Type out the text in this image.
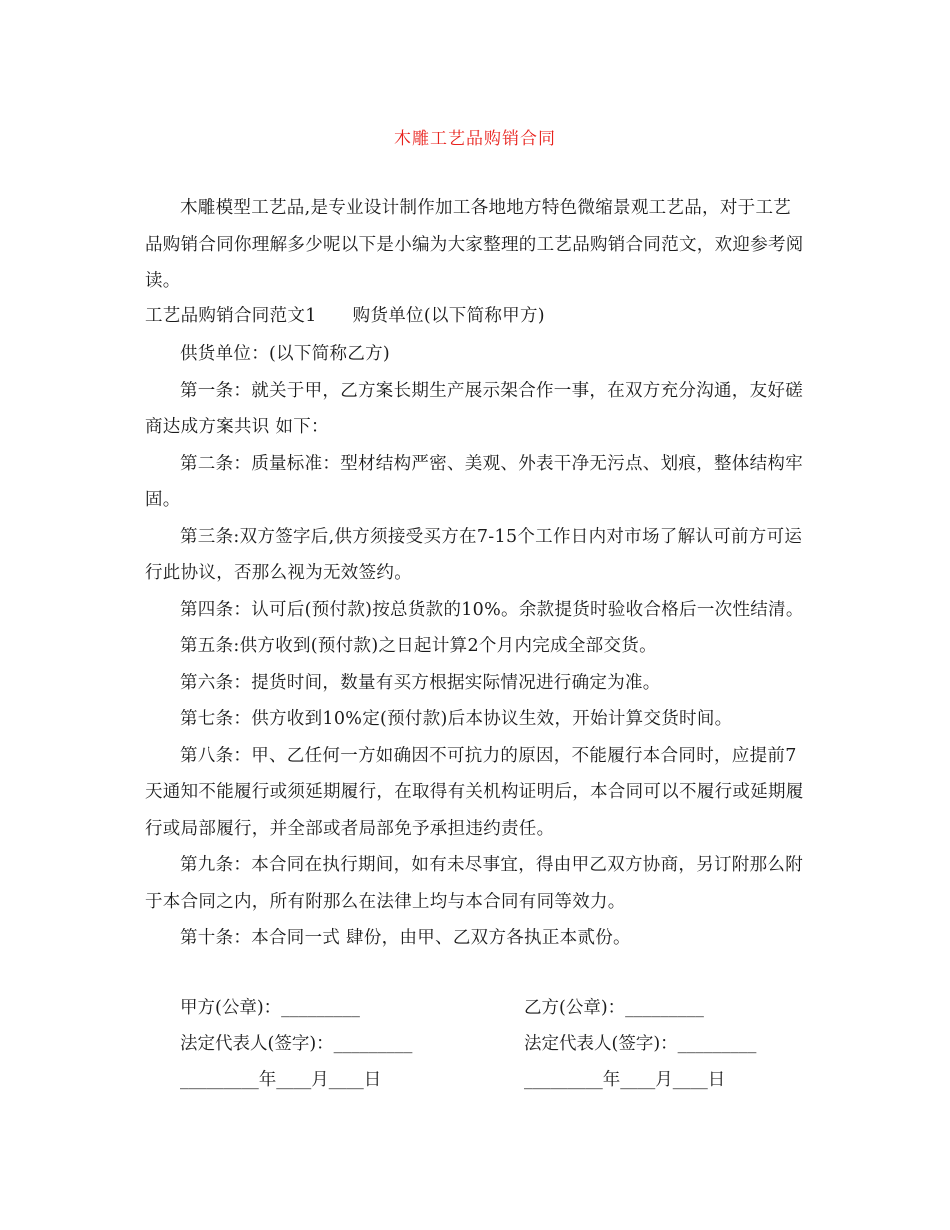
木雕工艺品购销合同

木雕模型工艺品,是专业设计制作加工各地地方特色微缩景观工艺品，对于工艺品购销合同你理解多少呢以下是小编为大家整理的工艺品购销合同范文，欢迎参考阅读。

工艺品购销合同范文1 购货单位(以下简称甲方)

供货单位：(以下简称乙方)

第一条：就关于甲，乙方案长期生产展示架合作一事，在双方充分沟通，友好磋商达成方案共识 如下：

第二条：质量标准：型材结构严密、美观、外表干净无污点、划痕，整体结构牢固。

第三条:双方签字后,供方须接受买方在7-15个工作日内对市场了解认可前方可运行此协议，否那么视为无效签约。

第四条：认可后(预付款)按总货款的10%。余款提货时验收合格后一次性结清。

第五条:供方收到(预付款)之日起计算2个月内完成全部交货。

第六条：提货时间，数量有买方根据实际情况进行确定为准。

第七条：供方收到10%定(预付款)后本协议生效，开始计算交货时间。

第八条：甲、乙任何一方如确因不可抗力的原因，不能履行本合同时，应提前7天通知不能履行或须延期履行，在取得有关机构证明后，本合同可以不履行或延期履行或局部履行，并全部或者局部免予承担违约责任。

第九条：本合同在执行期间，如有未尽事宜，得由甲乙双方协商，另订附那么附于本合同之内，所有附那么在法律上均与本合同有同等效力。

第十条：本合同一式 肆份，由甲、乙双方各执正本贰份。

甲方(公章)：_________	乙方(公章)：_________
法定代表人(签字)：_________	法定代表人(签字)：_________
_________年____月____日	_________年____月____日
